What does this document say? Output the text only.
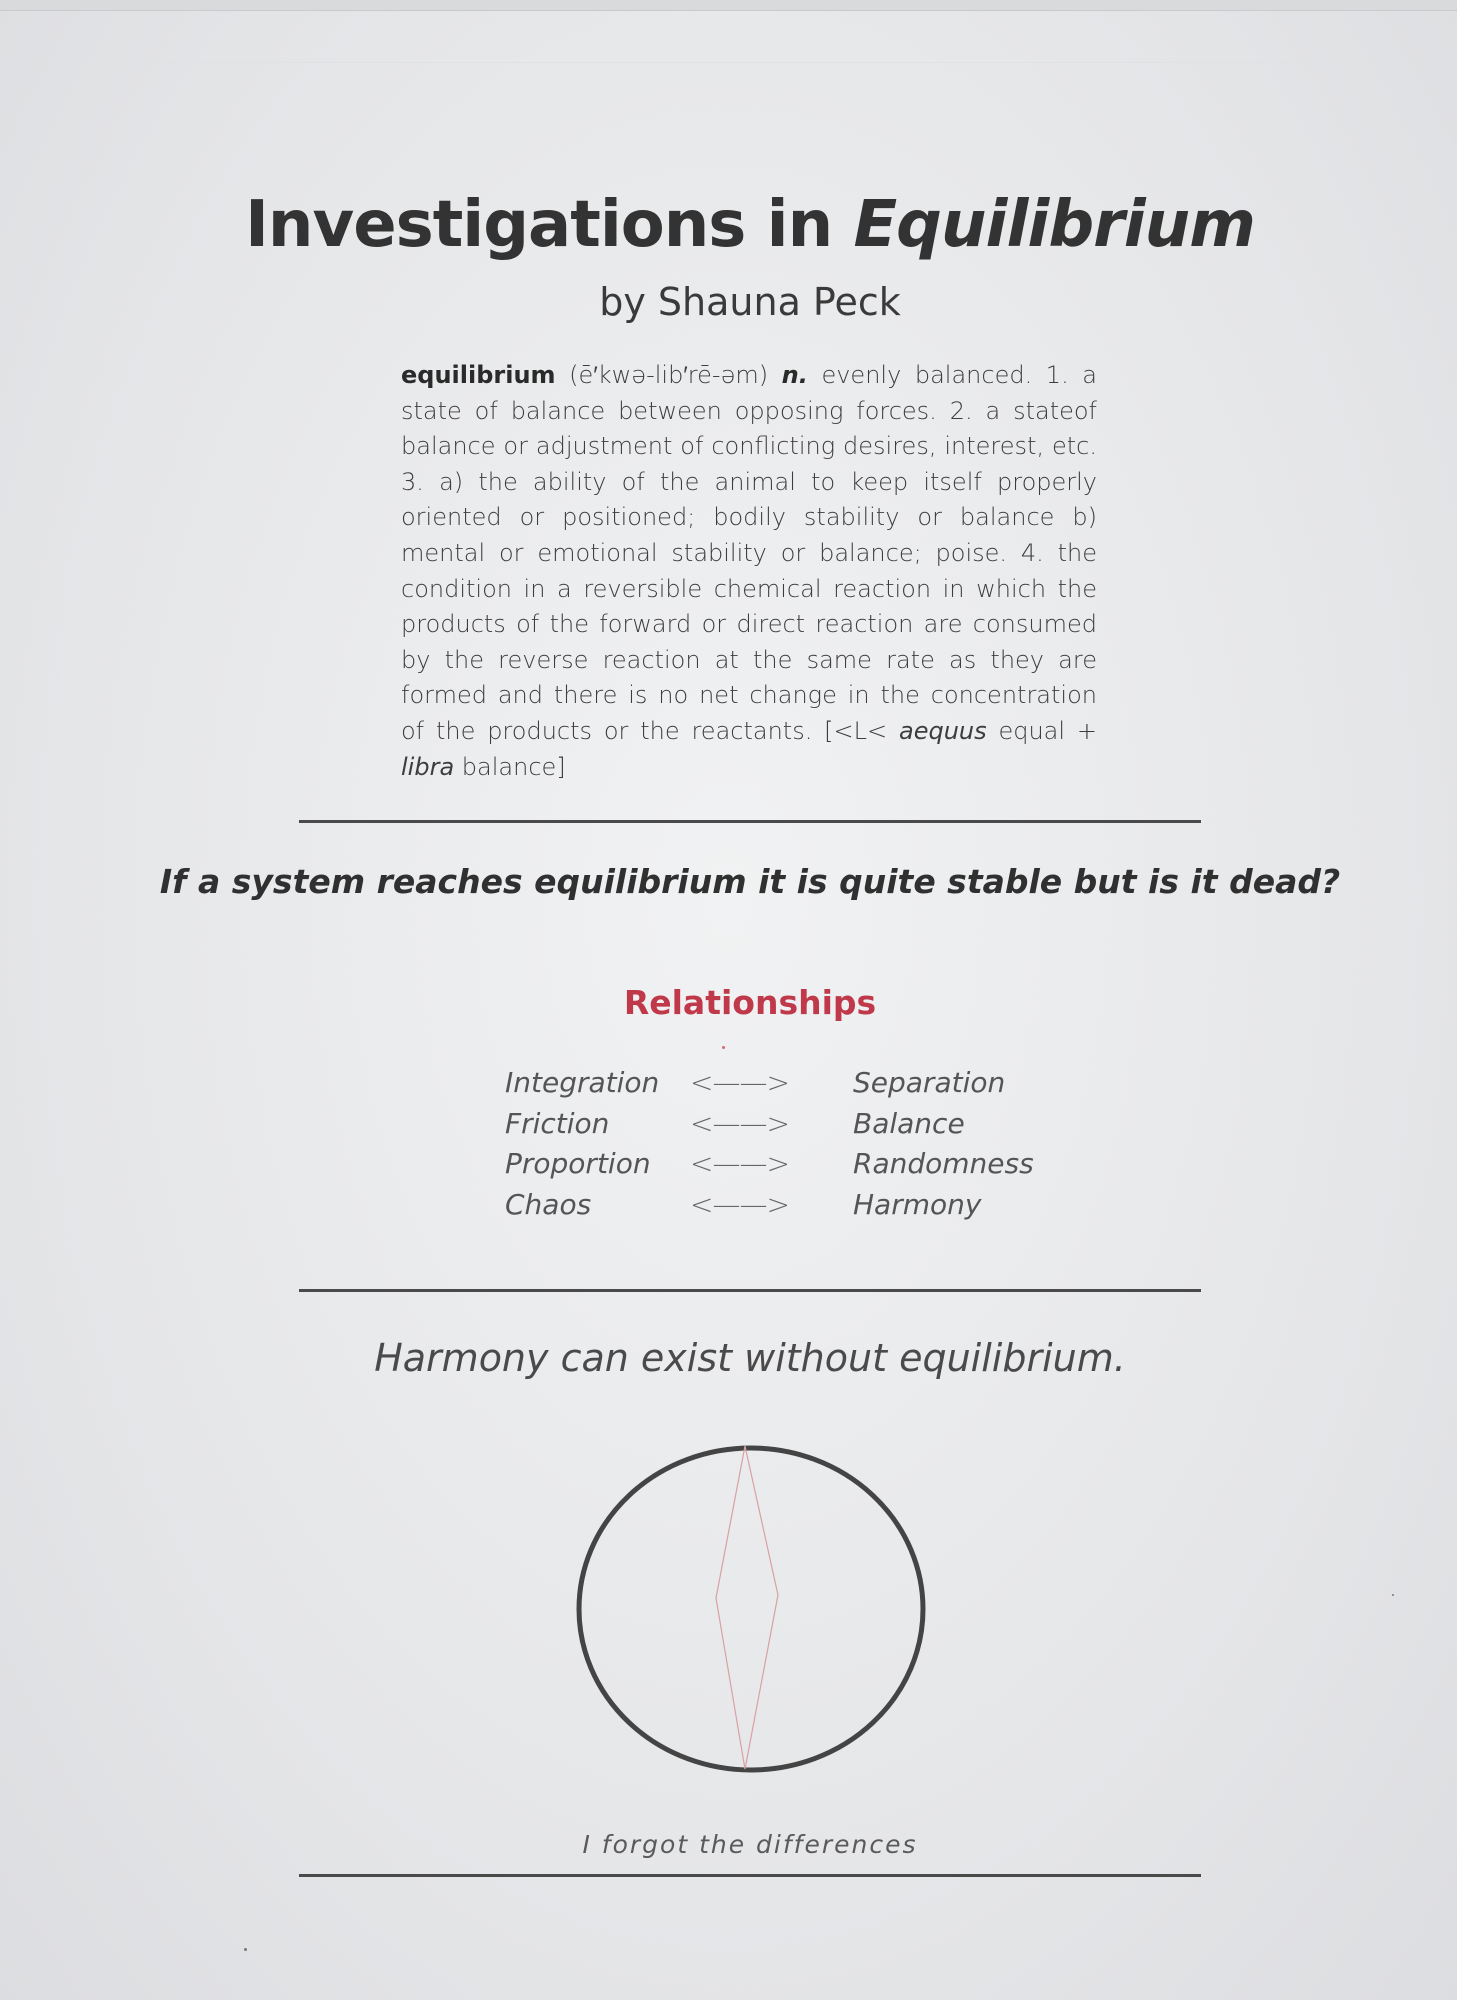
Investigations in Equilibrium

by Shauna Peck

equilibrium (ē′kwə-lib′rē-əm) n. evenly balanced. 1. a state of balance between opposing forces. 2. a stateof balance or adjustment of conflicting desires, interest, etc. 3. a) the ability of the animal to keep itself properly oriented or positioned; bodily stability or balance b) mental or emotional stability or balance; poise. 4. the condition in a reversible chemical reaction in which the products of the forward or direct reaction are consumed by the reverse reaction at the same rate as they are formed and there is no net change in the concentration of the products or the reactants. [<L< aequus equal + libra balance]

If a system reaches equilibrium it is quite stable but is it dead?

Relationships
Integration <——> Separation
Friction	<——> Balance
Proportion <——> Randomness
Chaos	<——> Harmony

Harmony can exist without equilibrium.

I forgot the differences
